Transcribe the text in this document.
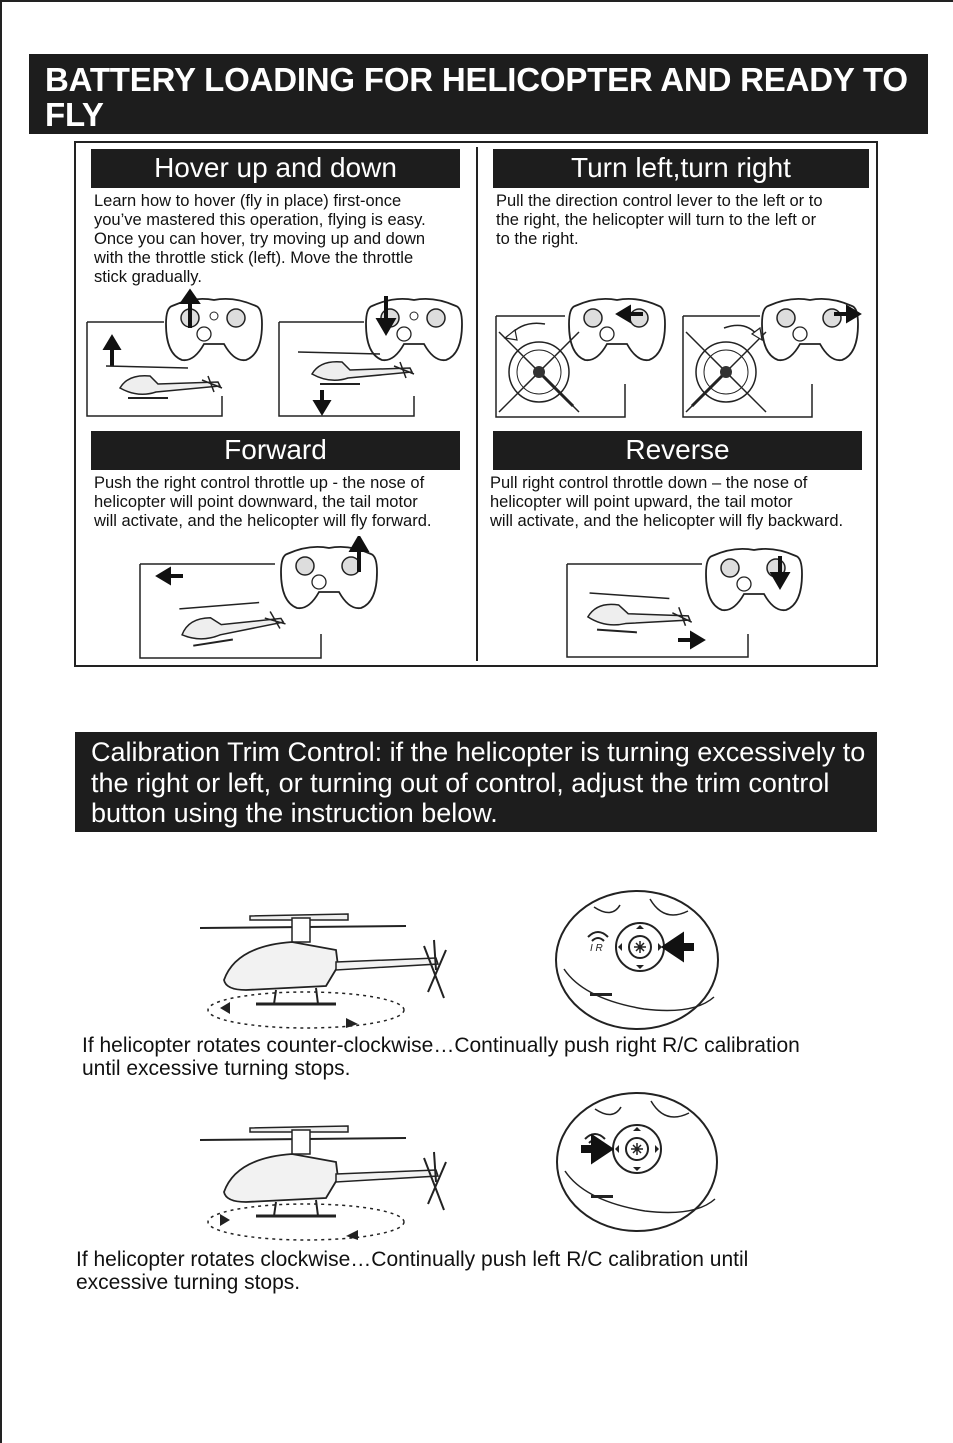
BATTERY LOADING FOR HELICOPTER AND READY TO FLY
Hover up and down	Turn left,turn right
Forward	Reverse
Learn how to hover (fly in place) first-once
you’ve mastered this operation, flying is easy.
Once you can hover, try moving up and down
with the throttle stick (left). Move the throttle
stick gradually.
Pull the direction control lever to the left or to
the right, the helicopter will turn to the left or
to the right.
Push the right control throttle up - the nose of
helicopter will point downward, the tail motor
will activate, and the helicopter will fly forward.
Pull right control throttle down – the nose of
helicopter will point upward, the tail motor
will activate, and the helicopter will fly backward.
Calibration Trim Control: if the helicopter is turning excessively to the right or left, or turning out of control, adjust the trim control button using the instruction below.
I R
If helicopter rotates counter-clockwise…Continually push right R/C calibration
until excessive turning stops.
If helicopter rotates clockwise…Continually push left R/C calibration until
excessive turning stops.
